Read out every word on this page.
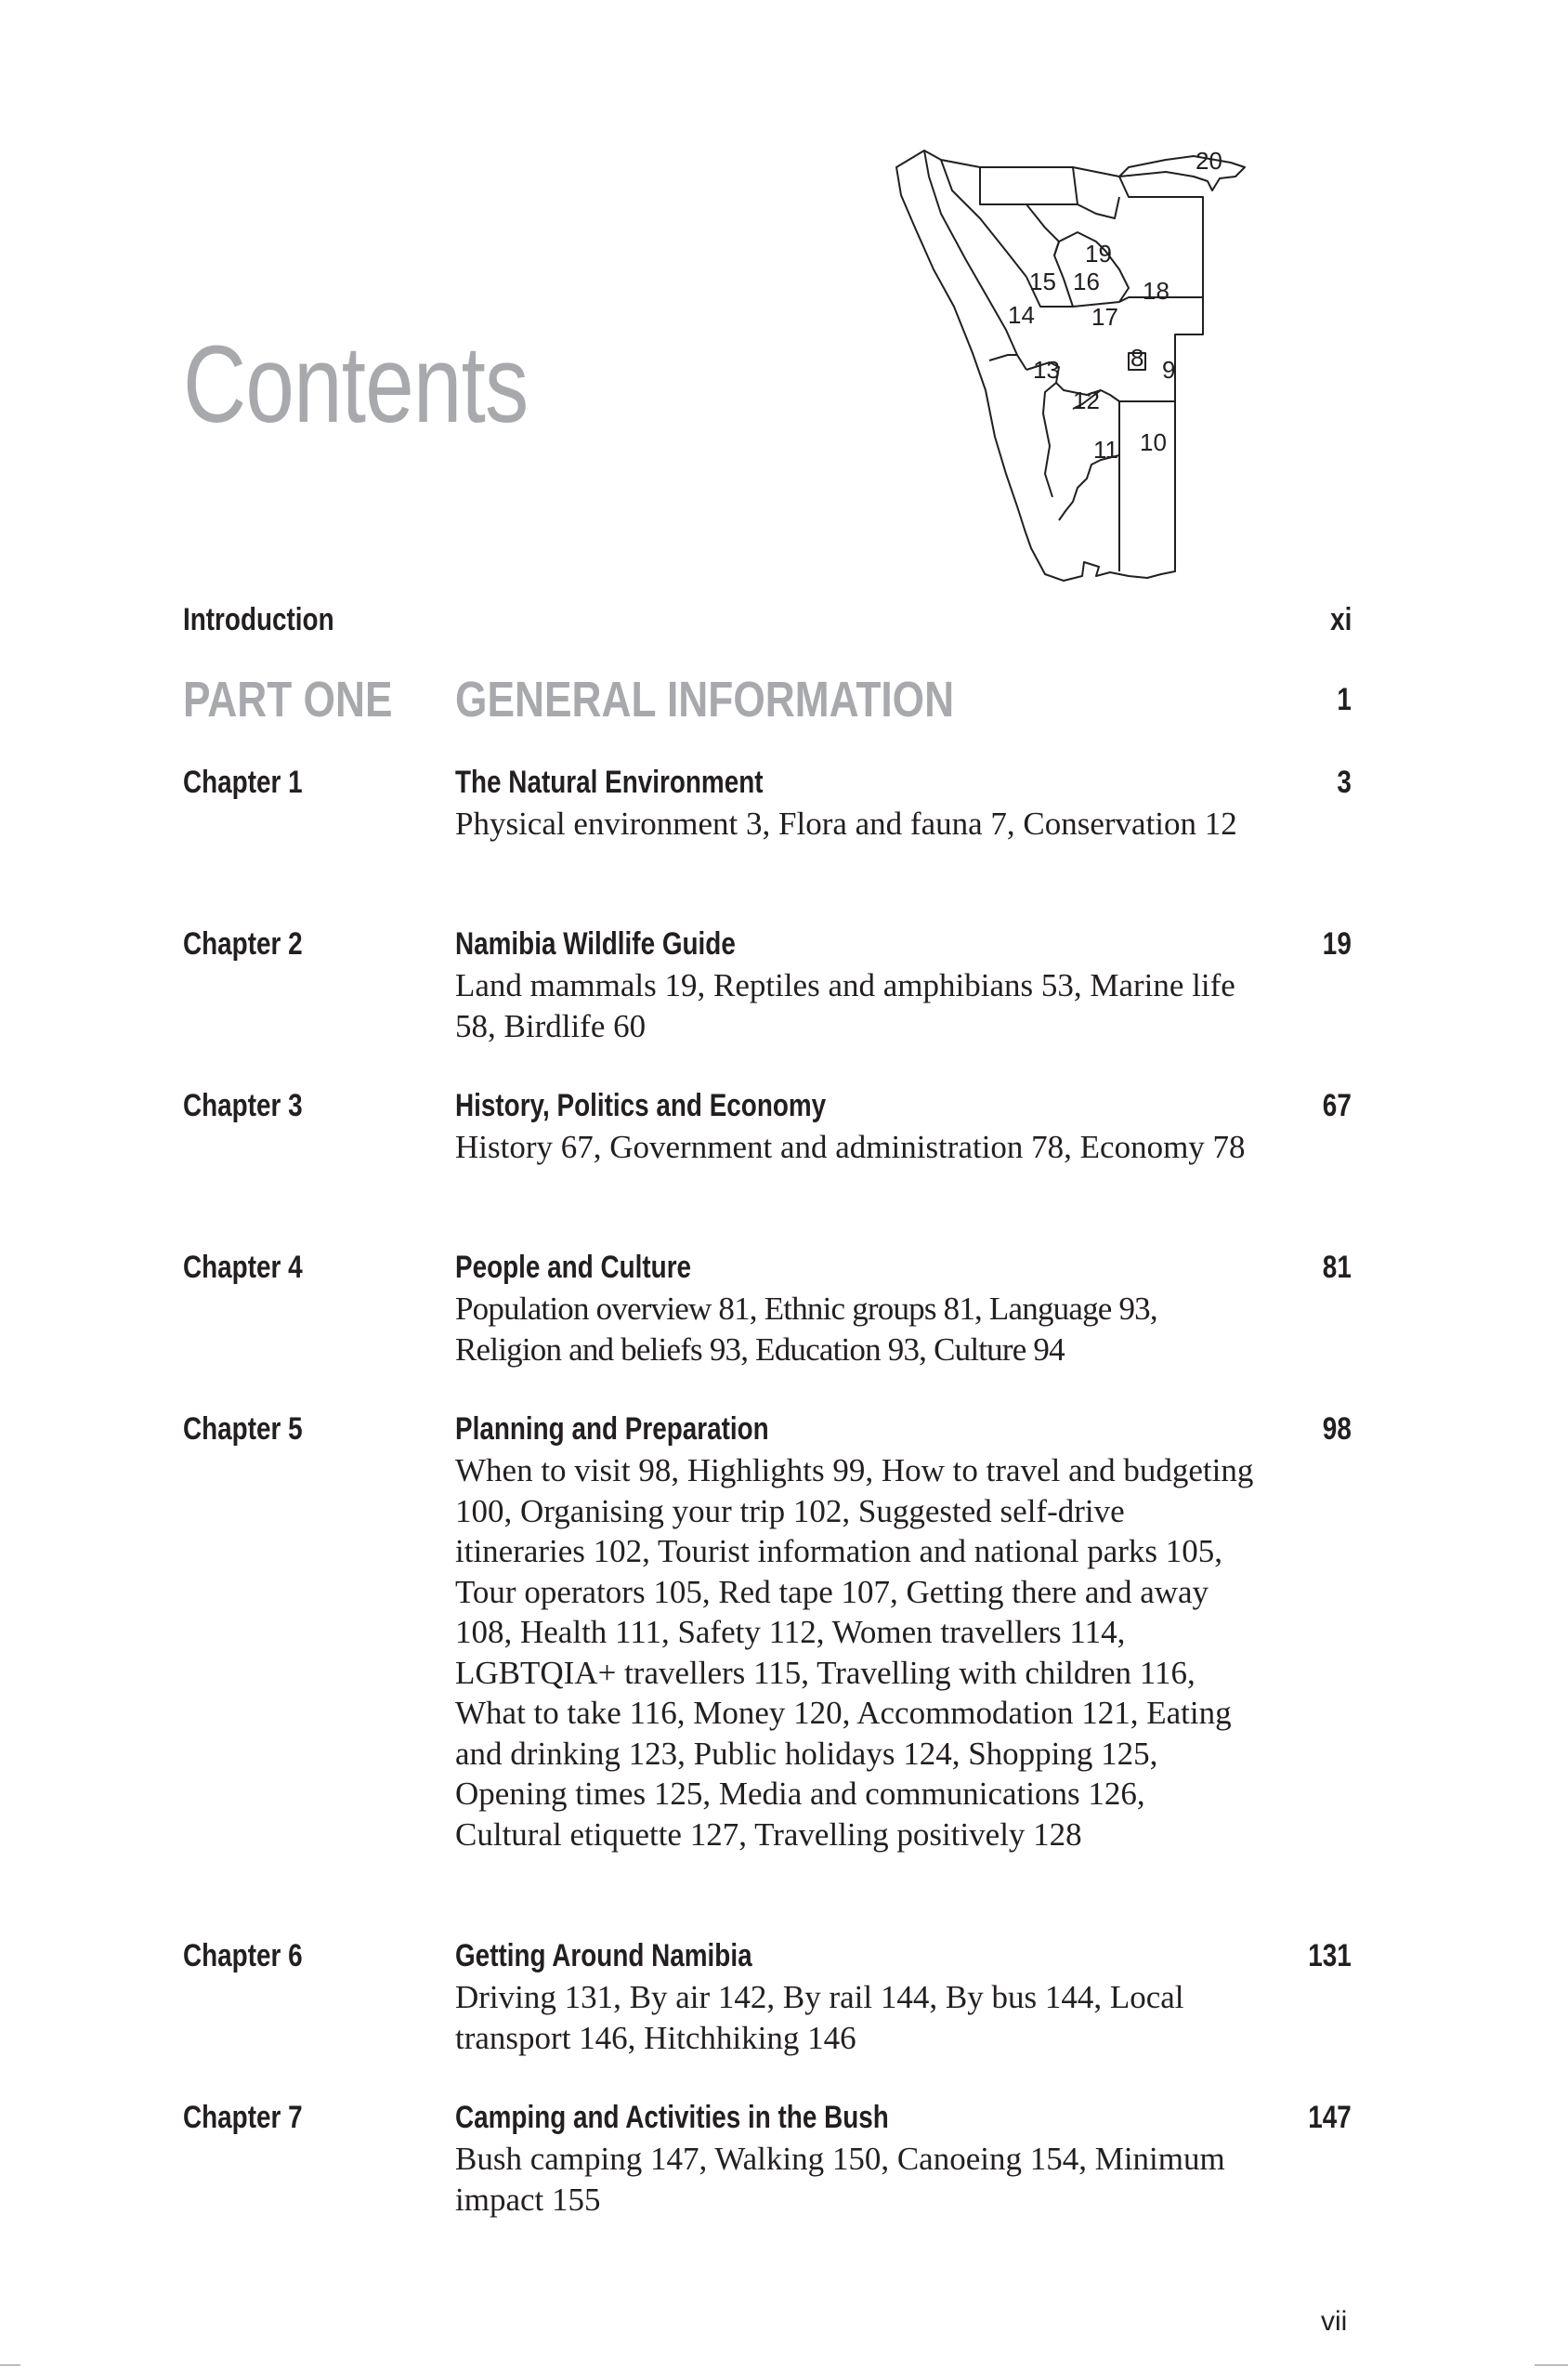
Contents	8 9
10
11
12
13
14
15 16
17
18
19
20
Introduction	xi
PART ONE GENERAL INFORMATION	1
Chapter 1	The Natural Environment	3
Physical environment 3, Flora and fauna 7, Conservation 12
Chapter 2	Namibia Wildlife Guide	19
Land mammals 19, Reptiles and amphibians 53, Marine life 58, Birdlife 60
Chapter 3	History, Politics and Economy	67
History 67, Government and administration 78, Economy 78
Chapter 4	People and Culture	81
Population overview 81, Ethnic groups 81, Language 93, Religion and beliefs 93, Education 93, Culture 94
Chapter 5	Planning and Preparation	98
When to visit 98, Highlights 99, How to travel and budgeting 100, Organising your trip 102, Suggested self-drive itineraries 102, Tourist information and national parks 105, Tour operators 105, Red tape 107, Getting there and away 108, Health 111, Safety 112, Women travellers 114, LGBTQIA+ travellers 115, Travelling with children 116, What to take 116, Money 120, Accommodation 121, Eating and drinking 123, Public holidays 124, Shopping 125, Opening times 125, Media and communications 126, Cultural etiquette 127, Travelling positively 128
Chapter 6	Getting Around Namibia	131
Driving 131, By air 142, By rail 144, By bus 144, Local transport 146, Hitchhiking 146
Chapter 7	Camping and Activities in the Bush	147
Bush camping 147, Walking 150, Canoeing 154, Minimum impact 155
vii
